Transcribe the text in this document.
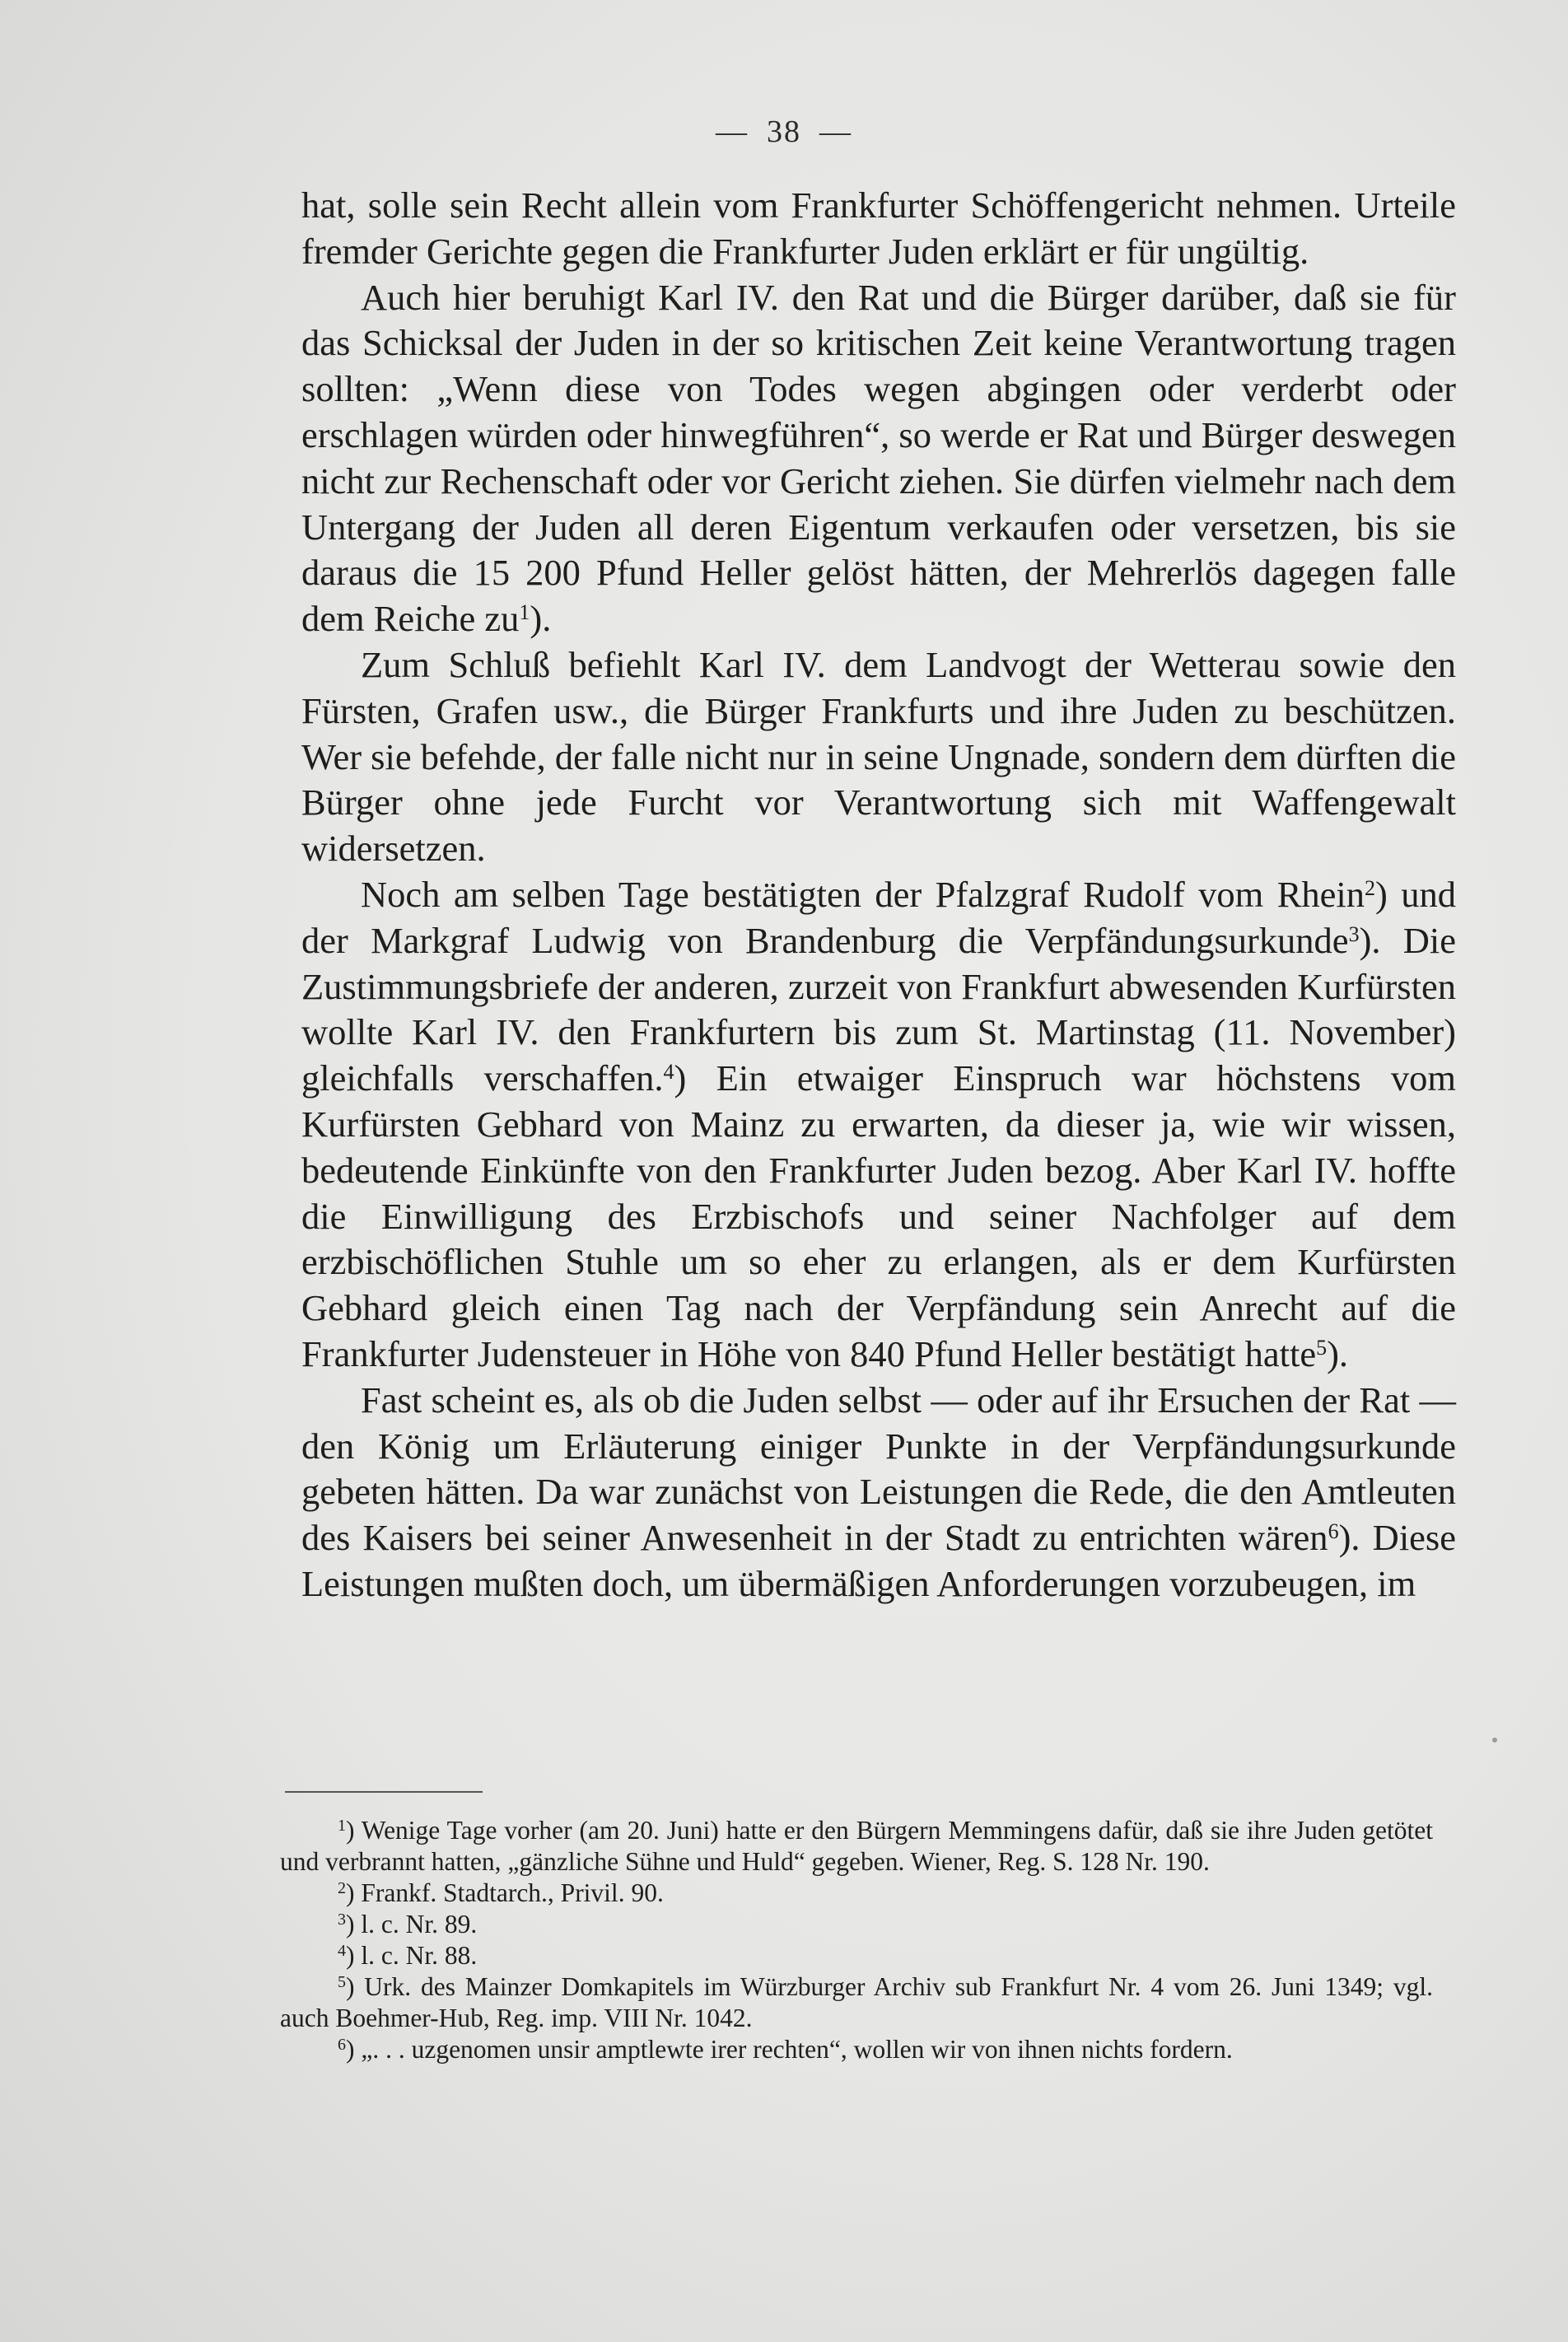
— 38 —

hat, solle sein Recht allein vom Frankfurter Schöffengericht nehmen. Urteile fremder Gerichte gegen die Frankfurter Juden erklärt er für ungültig.

Auch hier beruhigt Karl IV. den Rat und die Bürger darüber, daß sie für das Schicksal der Juden in der so kritischen Zeit keine Verantwortung tragen sollten: „Wenn diese von Todes wegen abgingen oder verderbt oder erschlagen würden oder hinwegführen“, so werde er Rat und Bürger deswegen nicht zur Rechenschaft oder vor Gericht ziehen. Sie dürfen vielmehr nach dem Untergang der Juden all deren Eigentum verkaufen oder versetzen, bis sie daraus die 15 200 Pfund Heller gelöst hätten, der Mehrerlös dagegen falle dem Reiche $zu^1$).

Zum Schluß befiehlt Karl IV. dem Landvogt der Wetterau sowie den Fürsten, Grafen usw., die Bürger Frankfurts und ihre Juden zu beschützen. Wer sie befehde, der falle nicht nur in seine Ungnade, sondern dem dürften die Bürger ohne jede Furcht vor Verantwortung sich mit Waffengewalt widersetzen.

Noch am selben Tage bestätigten der Pfalzgraf Rudolf vom Rhein$^2$) und der Markgraf Ludwig von Brandenburg die Verpfändungsurkunde$^3$). Die Zustimmungsbriefe der anderen, zurzeit von Frankfurt abwesenden Kurfürsten wollte Karl IV. den Frankfurtern bis zum St. Martinstag (11. November) gleichfalls verschaffen.$^4$) Ein etwaiger Einspruch war höchstens vom Kurfürsten Gebhard von Mainz zu erwarten, da dieser ja, wie wir wissen, bedeutende Einkünfte von den Frankfurter Juden bezog. Aber Karl IV. hoffte die Einwilligung des Erzbischofs und seiner Nachfolger auf dem erzbischöflichen Stuhle um so eher zu erlangen, als er dem Kurfürsten Gebhard gleich einen Tag nach der Verpfändung sein Anrecht auf die Frankfurter Judensteuer in Höhe von 840 Pfund Heller bestätigt hatte$^5$).

Fast scheint es, als ob die Juden selbst — oder auf ihr Ersuchen der Rat — den König um Erläuterung einiger Punkte in der Verpfändungsurkunde gebeten hätten. Da war zunächst von Leistungen die Rede, die den Amtleuten des Kaisers bei seiner Anwesenheit in der Stadt zu entrichten wären$^6$). Diese Leistungen mußten doch, um übermäßigen Anforderungen vorzubeugen, im

$^1$) Wenige Tage vorher (am 20. Juni) hatte er den Bürgern Memmingens dafür, daß sie ihre Juden getötet und verbrannt hatten, „gänzliche Sühne und Huld“ gegeben. Wiener, Reg. S. 128 Nr. 190.

$^2$) Frankf. Stadtarch., Privil. 90.

$^3$) l. c. Nr. 89.

$^4$) l. c. Nr. 88.

$^5$) Urk. des Mainzer Domkapitels im Würzburger Archiv sub Frankfurt Nr. 4 vom 26. Juni 1349; vgl. auch Boehmer-Hub, Reg. imp. VIII Nr. 1042.

$^6$) „. . . uzgenomen unsir amptlewte irer rechten“, wollen wir von ihnen nichts fordern.
